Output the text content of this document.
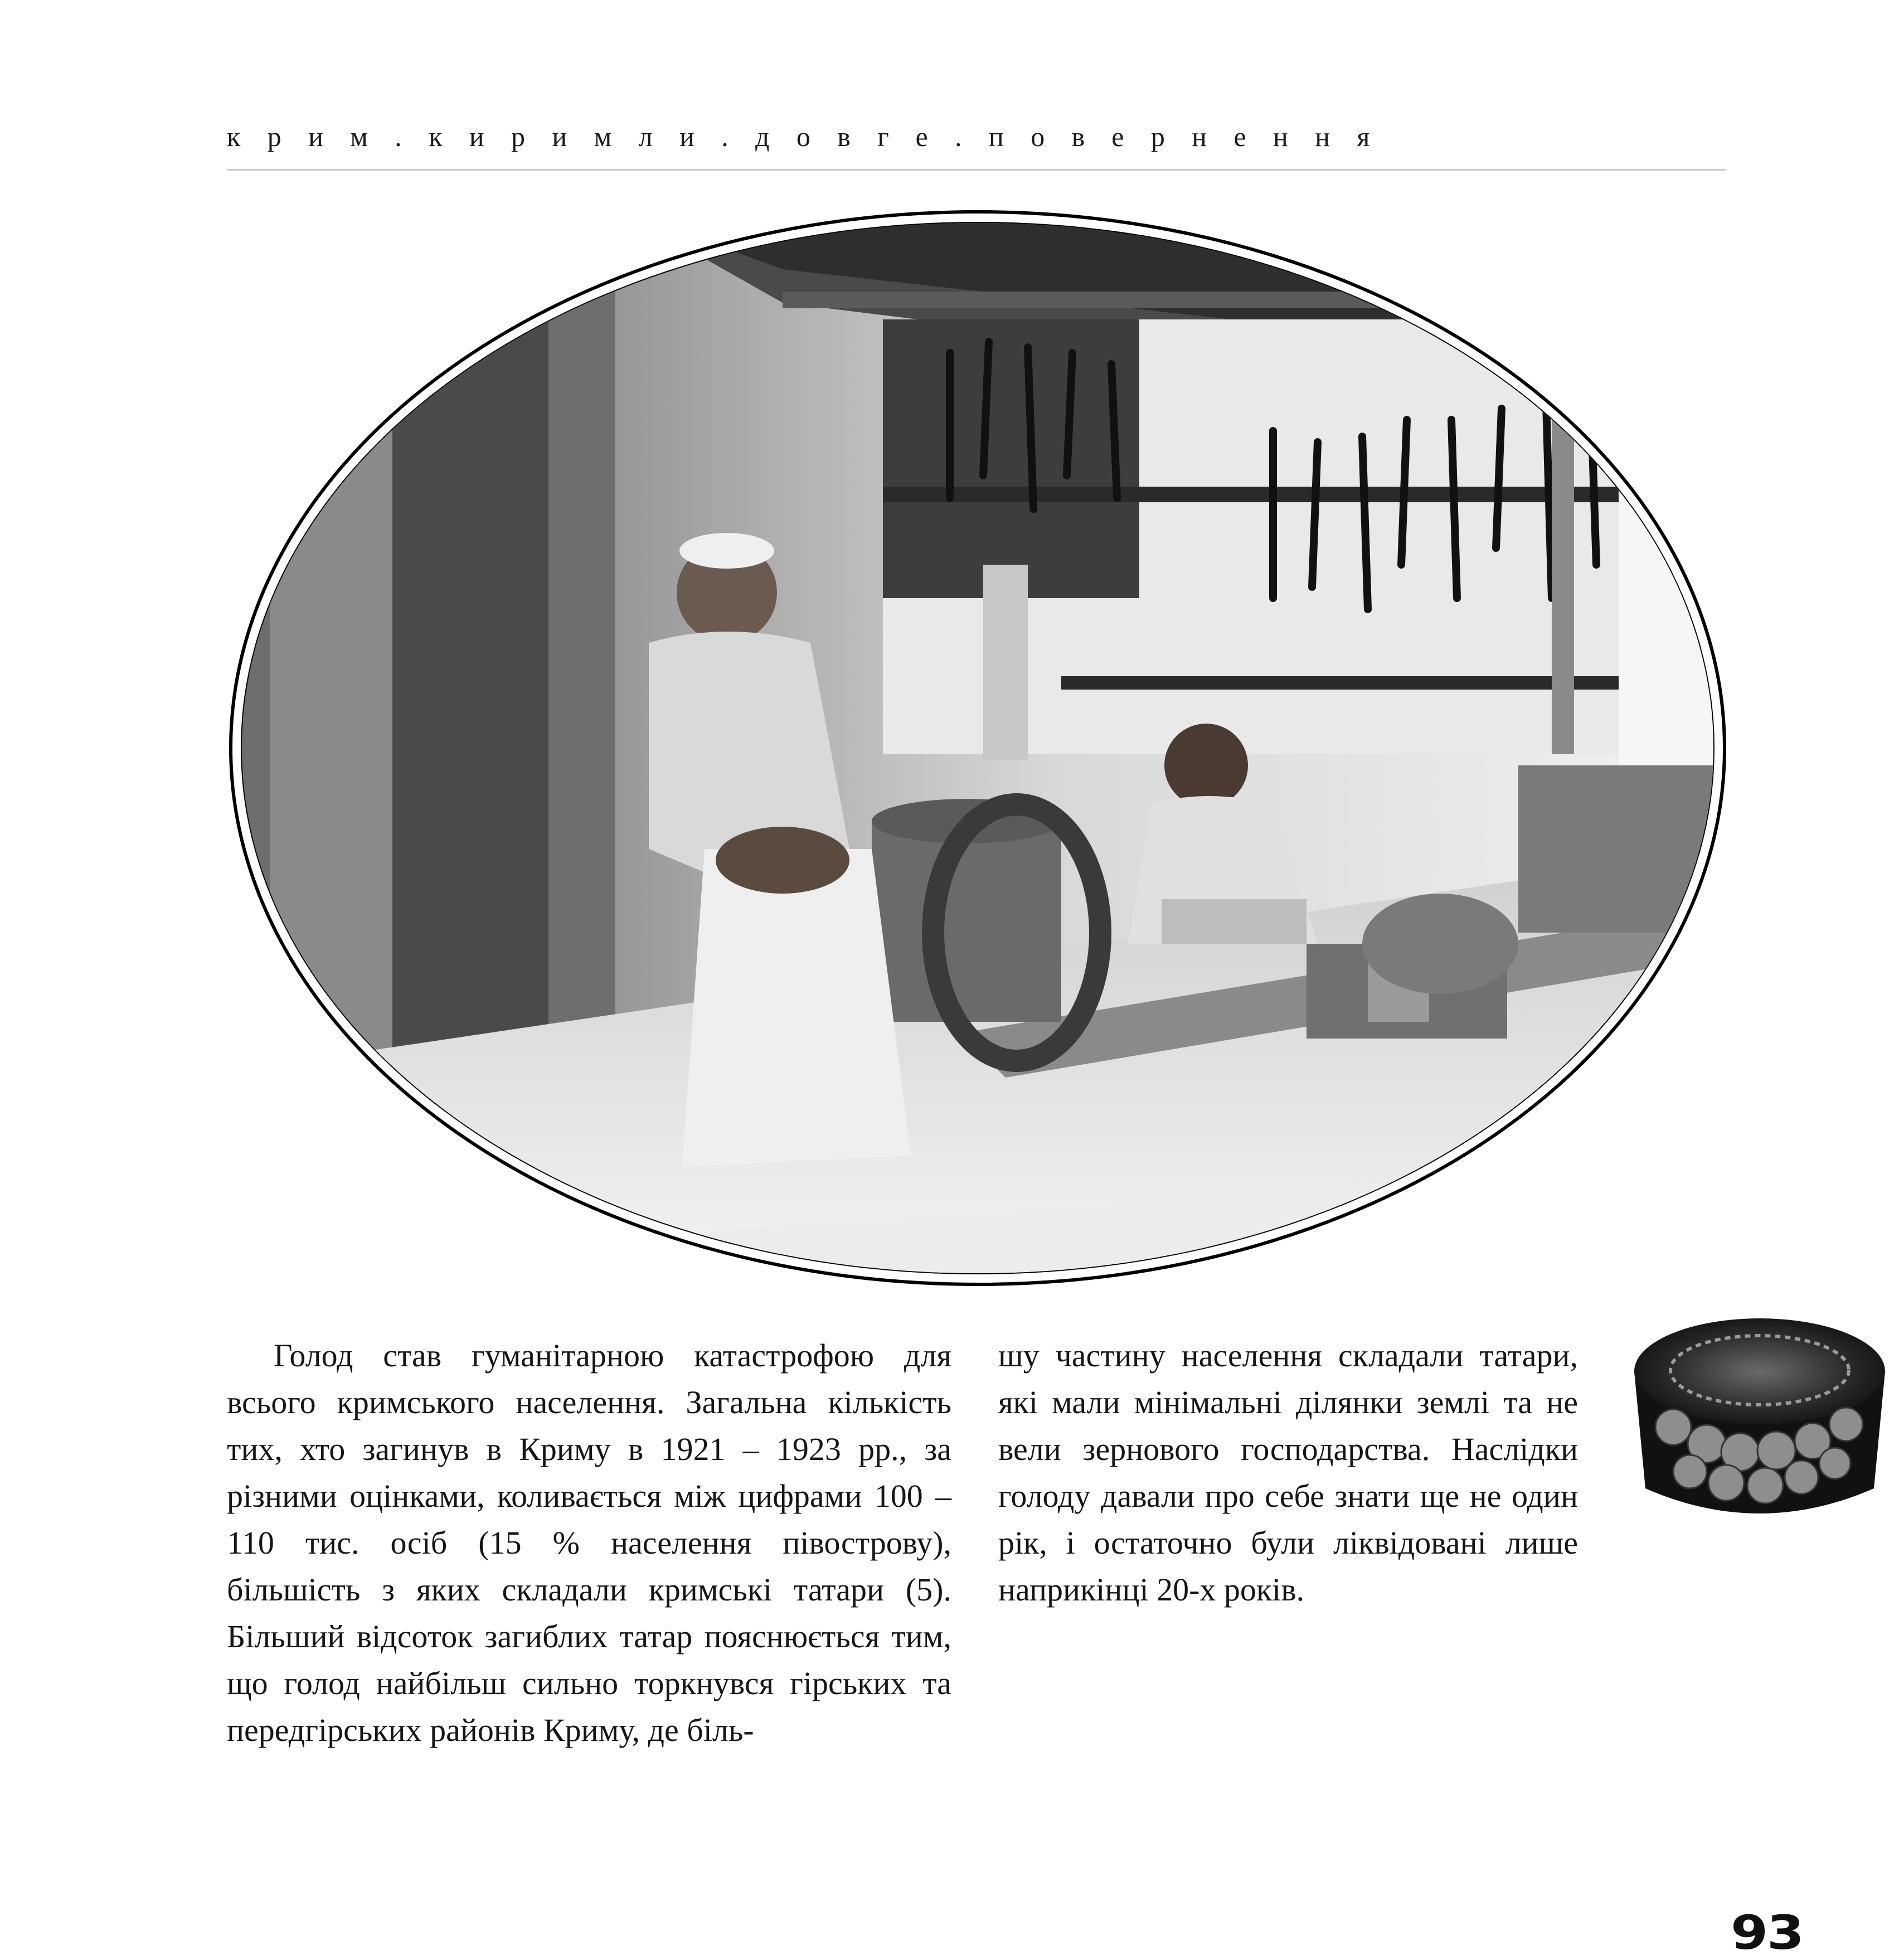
крим.киримли.довге.повернення

Голод став гуманітарною катастрофою для всього кримського населення. Загальна кількість тих, хто загинув в Криму в 1921 – 1923 рр., за різними оцінками, коливається між цифрами 100 – 110 тис. осіб (15 % населення півострову), більшість з яких складали кримські татари (5). Більший відсоток загиблих татар пояснюється тим, що голод найбільш сильно торкнувся гірських та передгірських районів Криму, де біль-

шу частину населення складали татари, які мали мінімальні ділянки землі та не вели зернового господарства. Наслідки голоду давали про себе знати ще не один рік, і остаточно були ліквідовані лише наприкінці 20-х років.

93
